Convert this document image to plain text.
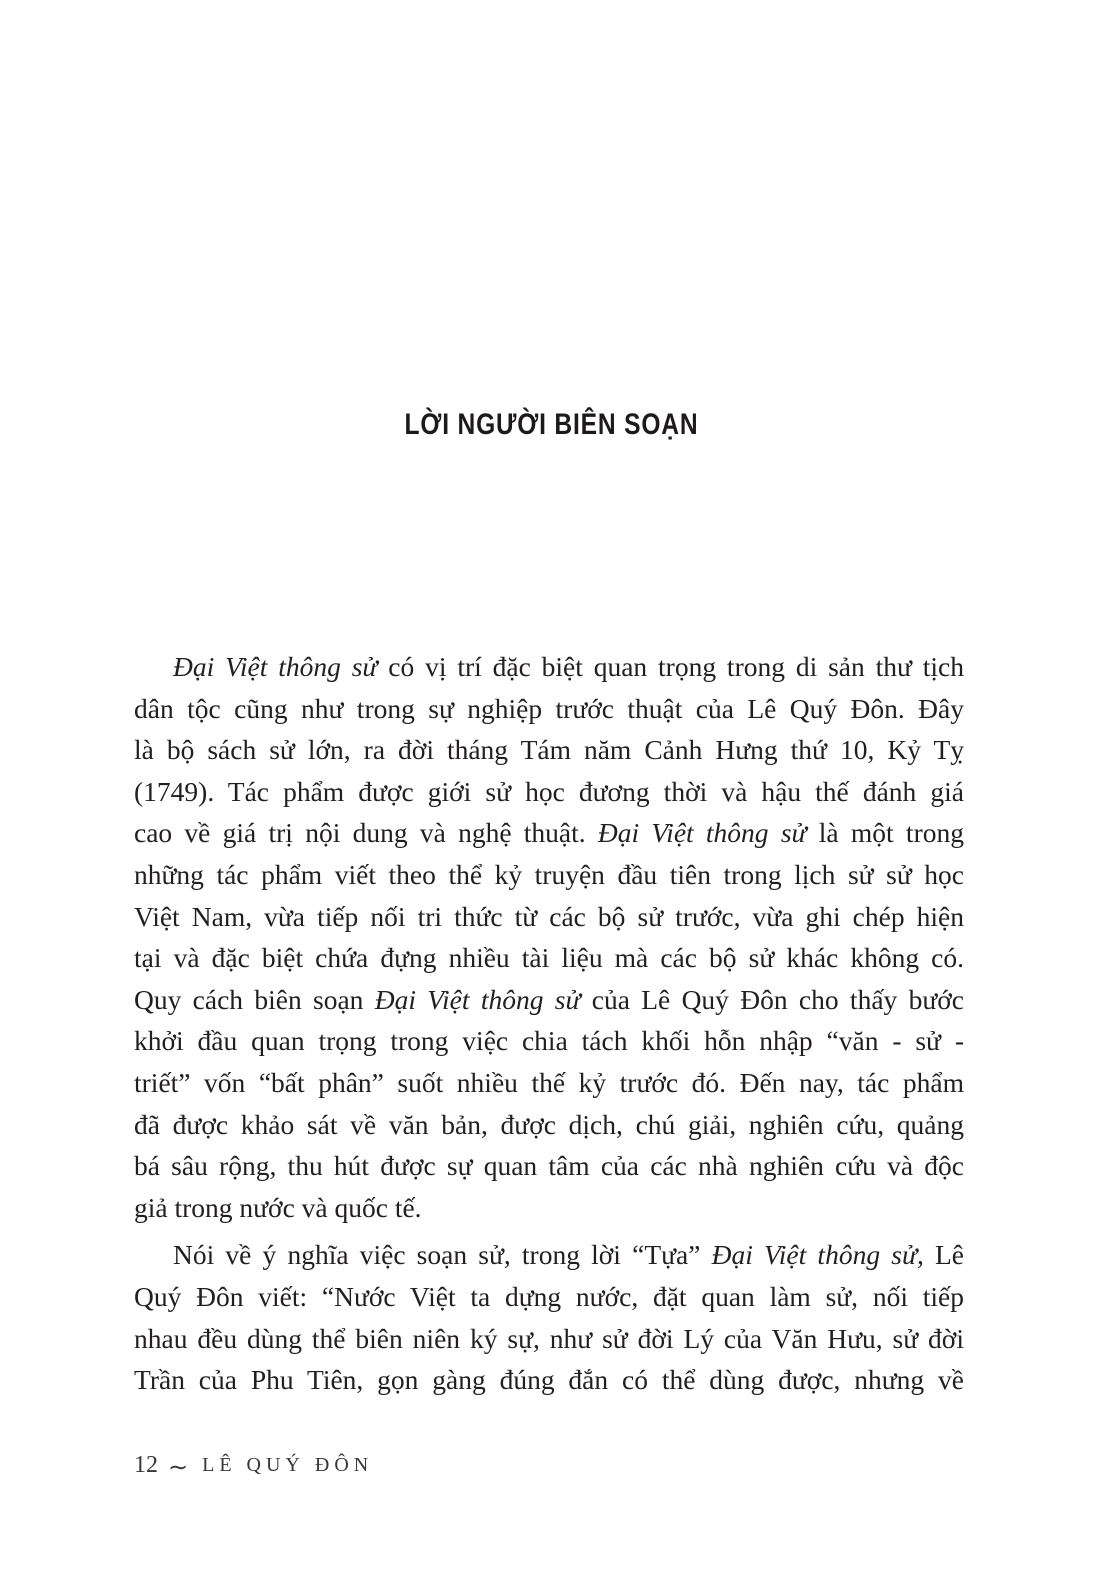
LỜI NGƯỜI BIÊN SOẠN
Đại Việt thông sử có vị trí đặc biệt quan trọng trong di sản thư tịch
dân tộc cũng như trong sự nghiệp trước thuật của Lê Quý Đôn. Đây
là bộ sách sử lớn, ra đời tháng Tám năm Cảnh Hưng thứ 10, Kỷ Tỵ
(1749). Tác phẩm được giới sử học đương thời và hậu thế đánh giá
cao về giá trị nội dung và nghệ thuật. Đại Việt thông sử là một trong
những tác phẩm viết theo thể kỷ truyện đầu tiên trong lịch sử sử học
Việt Nam, vừa tiếp nối tri thức từ các bộ sử trước, vừa ghi chép hiện
tại và đặc biệt chứa đựng nhiều tài liệu mà các bộ sử khác không có.
Quy cách biên soạn Đại Việt thông sử của Lê Quý Đôn cho thấy bước
khởi đầu quan trọng trong việc chia tách khối hỗn nhập “văn - sử -
triết” vốn “bất phân” suốt nhiều thế kỷ trước đó. Đến nay, tác phẩm
đã được khảo sát về văn bản, được dịch, chú giải, nghiên cứu, quảng
bá sâu rộng, thu hút được sự quan tâm của các nhà nghiên cứu và độc
giả trong nước và quốc tế.
Nói về ý nghĩa việc soạn sử, trong lời “Tựa” Đại Việt thông sử, Lê
Quý Đôn viết: “Nước Việt ta dựng nước, đặt quan làm sử, nối tiếp
nhau đều dùng thể biên niên ký sự, như sử đời Lý của Văn Hưu, sử đời
Trần của Phu Tiên, gọn gàng đúng đắn có thể dùng được, nhưng về
12 ∼ LÊ QUÝ ĐÔN
